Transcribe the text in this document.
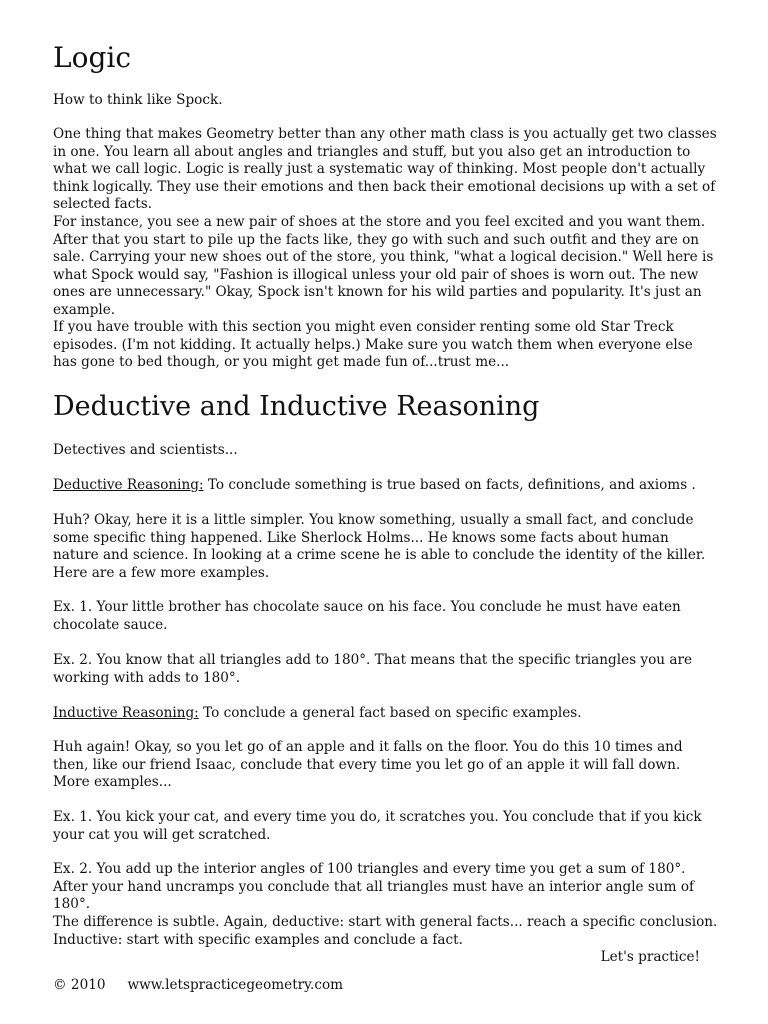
Logic

How to think like Spock.

One thing that makes Geometry better than any other math class is you actually get two classes in one. You learn all about angles and triangles and stuff, but you also get an introduction to what we call logic. Logic is really just a systematic way of thinking. Most people don't actually think logically. They use their emotions and then back their emotional decisions up with a set of selected facts.

For instance, you see a new pair of shoes at the store and you feel excited and you want them. After that you start to pile up the facts like, they go with such and such outfit and they are on sale. Carrying your new shoes out of the store, you think, "what a logical decision." Well here is what Spock would say, "Fashion is illogical unless your old pair of shoes is worn out. The new ones are unnecessary." Okay, Spock isn't known for his wild parties and popularity. It's just an example.

If you have trouble with this section you might even consider renting some old Star Treck episodes. (I'm not kidding. It actually helps.) Make sure you watch them when everyone else has gone to bed though, or you might get made fun of...trust me...

Deductive and Inductive Reasoning

Detectives and scientists...

Deductive Reasoning: To conclude something is true based on facts, definitions, and axioms .

Huh? Okay, here it is a little simpler. You know something, usually a small fact, and conclude some specific thing happened. Like Sherlock Holms... He knows some facts about human nature and science. In looking at a crime scene he is able to conclude the identity of the killer. Here are a few more examples.

Ex. 1. Your little brother has chocolate sauce on his face. You conclude he must have eaten chocolate sauce.

Ex. 2. You know that all triangles add to 180°. That means that the specific triangles you are working with adds to 180°.

Inductive Reasoning: To conclude a general fact based on specific examples.

Huh again! Okay, so you let go of an apple and it falls on the floor. You do this 10 times and then, like our friend Isaac, conclude that every time you let go of an apple it will fall down. More examples...

Ex. 1. You kick your cat, and every time you do, it scratches you. You conclude that if you kick your cat you will get scratched.

Ex. 2. You add up the interior angles of 100 triangles and every time you get a sum of 180°. After your hand uncramps you conclude that all triangles must have an interior angle sum of 180°.

The difference is subtle. Again, deductive: start with general facts... reach a specific conclusion. Inductive: start with specific examples and conclude a fact.

Let's practice!
© 2010 www.letspracticegeometry.com
